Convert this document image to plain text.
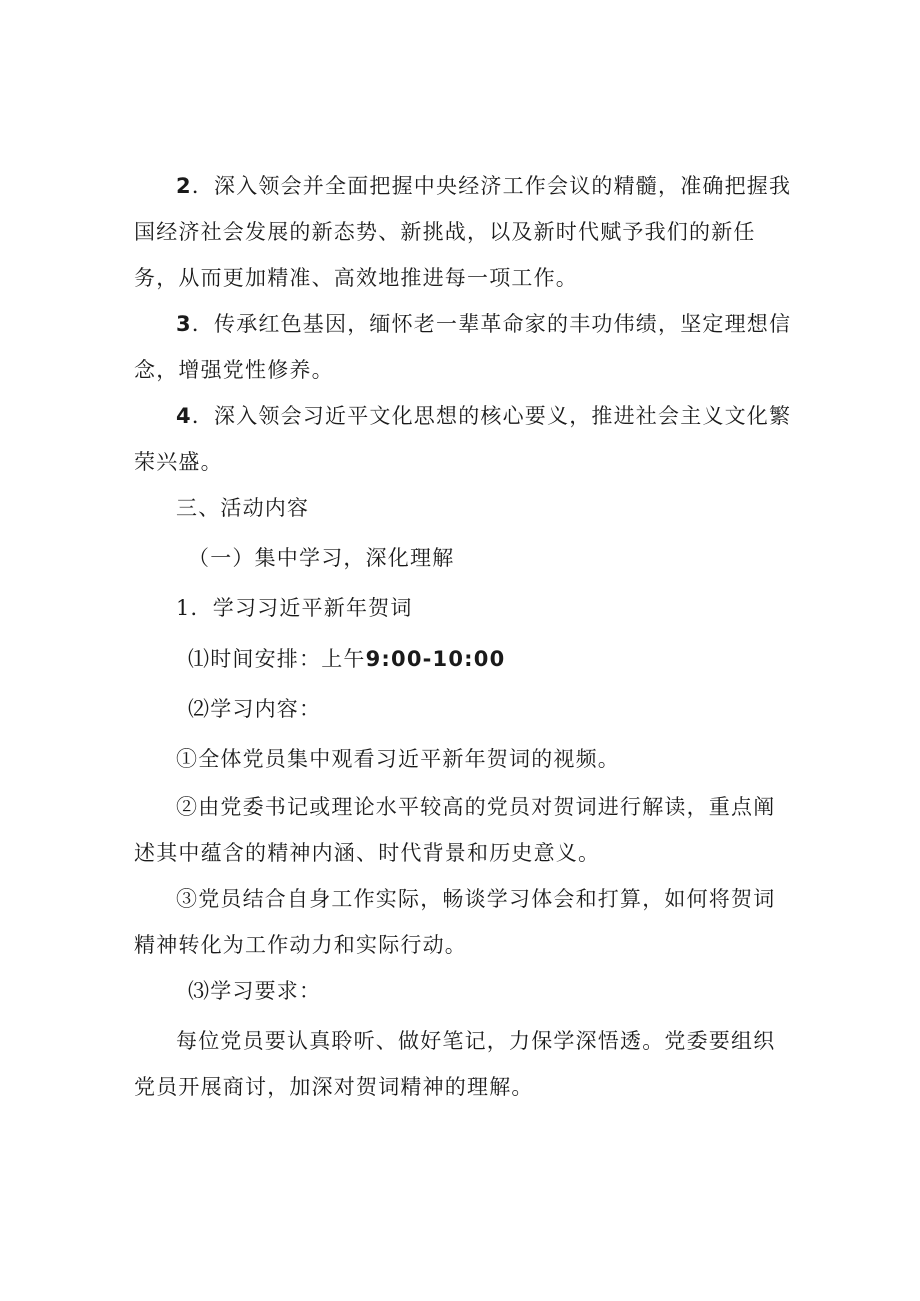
2．深入领会并全面把握中央经济工作会议的精髓，准确把握我国经济社会发展的新态势、新挑战，以及新时代赋予我们的新任务，从而更加精准、高效地推进每一项工作。

3．传承红色基因，缅怀老一辈革命家的丰功伟绩，坚定理想信念，增强党性修养。

4．深入领会习近平文化思想的核心要义，推进社会主义文化繁荣兴盛。

三、活动内容

（一）集中学习，深化理解

1．学习习近平新年贺词

⑴时间安排：上午9:00-10:00

⑵学习内容：

①全体党员集中观看习近平新年贺词的视频。

②由党委书记或理论水平较高的党员对贺词进行解读，重点阐述其中蕴含的精神内涵、时代背景和历史意义。

③党员结合自身工作实际，畅谈学习体会和打算，如何将贺词精神转化为工作动力和实际行动。

⑶学习要求：

每位党员要认真聆听、做好笔记，力保学深悟透。党委要组织党员开展商讨，加深对贺词精神的理解。
